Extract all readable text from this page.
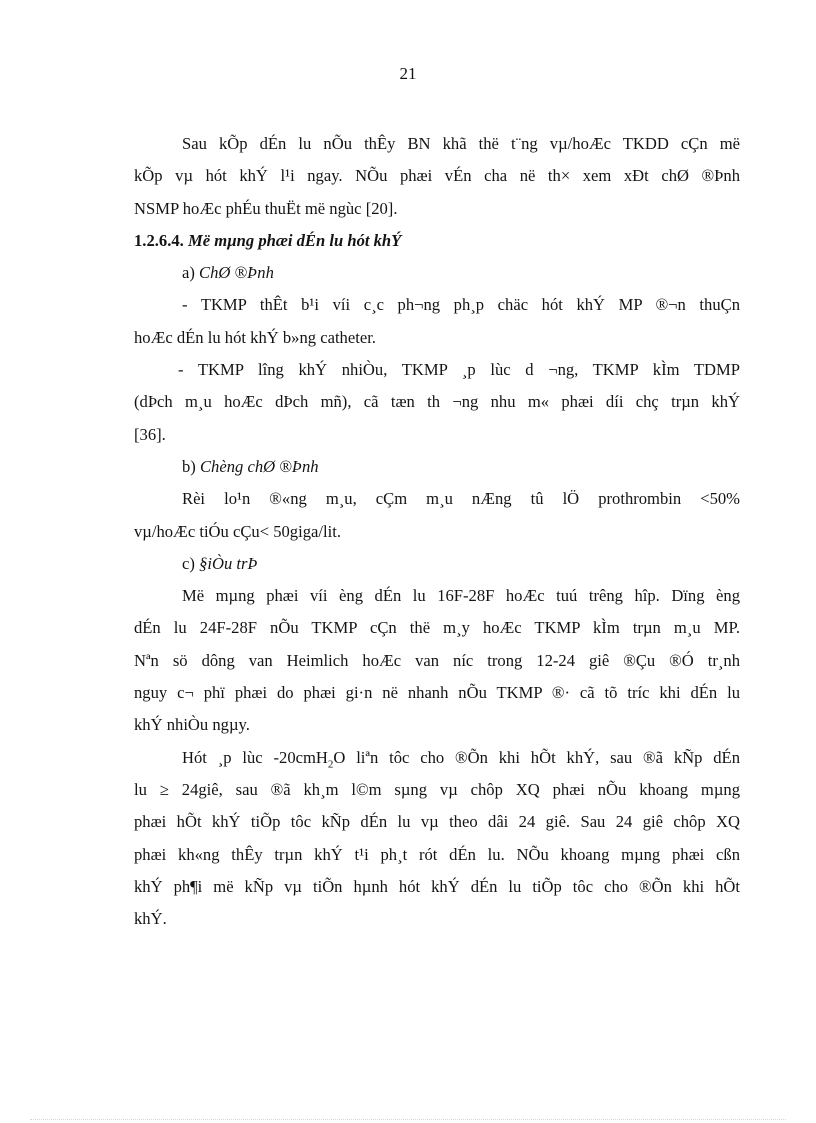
21
Sau kÕp dÉn lu nÕu thÊy BN khã thë t¨ng vµ/hoÆc TKDD cÇn më
kÕp vµ hót khÝ l¹i ngay. NÕu phæi vÉn cha në th× xem xÐt chØ ®Þnh
NSMP hoÆc phÉu thuËt më ngùc [20].
1.2.6.4. Më mµng phæi dÉn lu hót khÝ
a) ChØ ®Þnh
- TKMP thÊt b¹i víi c¸c ph¬ng ph¸p chäc hót khÝ MP ®¬n thuÇn
hoÆc dÉn lu hót khÝ b»ng catheter.
- TKMP lîng khÝ nhiÒu, TKMP ¸p lùc d ¬ng, TKMP kÌm TDMP
(dÞch m¸u hoÆc dÞch mñ), cã tæn th ¬ng nhu m« phæi díi chç trµn khÝ
[36].
b) Chèng chØ ®Þnh
Rèi lo¹n ®«ng m¸u, cÇm m¸u nÆng tû lÖ prothrombin <50%
vµ/hoÆc tiÓu cÇu< 50giga/lit.
c) §iÒu trÞ
Më mµng phæi víi èng dÉn lu 16F-28F hoÆc tuú trêng hîp. Dïng èng
dÉn lu 24F-28F nÕu TKMP cÇn thë m¸y hoÆc TKMP kÌm trµn m¸u MP.
Nªn sö dông van Heimlich hoÆc van níc trong 12-24 giê ®Çu ®Ó tr¸nh
nguy c¬ phï phæi do phæi gi·n në nhanh nÕu TKMP ®· cã tõ tríc khi dÉn lu
khÝ nhiÒu ngµy.
Hót ¸p lùc -20cmH$_2$O liªn tôc cho ®Õn khi hÕt khÝ, sau ®ã kÑp dÉn
lu ≥ 24giê, sau ®ã kh¸m l©m sµng vµ chôp XQ phæi nÕu khoang mµng
phæi hÕt khÝ tiÕp tôc kÑp dÉn lu vµ theo dâi 24 giê. Sau 24 giê chôp XQ
phæi kh«ng thÊy trµn khÝ t¹i ph¸t rót dÉn lu. NÕu khoang mµng phæi cßn
khÝ ph¶i më kÑp vµ tiÕn hµnh hót khÝ dÉn lu tiÕp tôc cho ®Õn khi hÕt
khÝ.
